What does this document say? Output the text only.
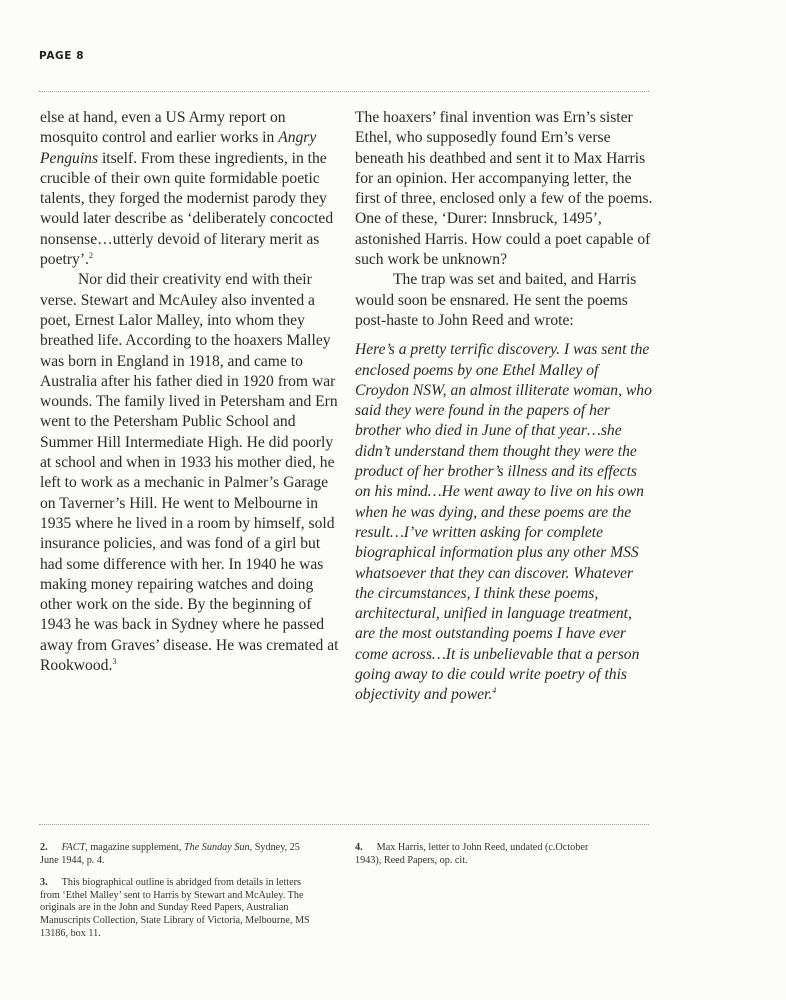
PAGE 8

else at hand, even a US Army report on mosquito control and earlier works in Angry Penguins itself. From these ingredients, in the crucible of their own quite formidable poetic talents, they forged the modernist parody they would later describe as ‘deliberately concocted nonsense…utterly devoid of literary merit as poetry’.$^2$

Nor did their creativity end with their verse. Stewart and McAuley also invented a poet, Ernest Lalor Malley, into whom they breathed life. According to the hoaxers Malley was born in England in 1918, and came to Australia after his father died in 1920 from war wounds. The family lived in Petersham and Ern went to the Petersham Public School and Summer Hill Intermediate High. He did poorly at school and when in 1933 his mother died, he left to work as a mechanic in Palmer’s Garage on Taverner’s Hill. He went to Melbourne in 1935 where he lived in a room by himself, sold insurance policies, and was fond of a girl but had some difference with her. In 1940 he was making money repairing watches and doing other work on the side. By the beginning of 1943 he was back in Sydney where he passed away from Graves’ disease. He was cremated at Rookwood.$^3$

The hoaxers’ final invention was Ern’s sister Ethel, who supposedly found Ern’s verse beneath his deathbed and sent it to Max Harris for an opinion. Her accompanying letter, the first of three, enclosed only a few of the poems. One of these, ‘Durer: Innsbruck, 1495’, astonished Harris. How could a poet capable of such work be unknown?

The trap was set and baited, and Harris would soon be ensnared. He sent the poems post-haste to John Reed and wrote:

Here’s a pretty terrific discovery. I was sent the enclosed poems by one Ethel Malley of Croydon NSW, an almost illiterate woman, who said they were found in the papers of her brother who died in June of that year…she didn’t understand them thought they were the product of her brother’s illness and its effects on his mind…He went away to live on his own when he was dying, and these poems are the result…I’ve written asking for complete biographical information plus any other MSS whatsoever that they can discover. Whatever the circumstances, I think these poems, architectural, unified in language treatment, are the most outstanding poems I have ever come across…It is unbelievable that a person going away to die could write poetry of this objectivity and power.$^4$

2. FACT, magazine supplement, The Sunday Sun, Sydney, 25 June 1944, p. 4.

3. This biographical outline is abridged from details in letters from ‘Ethel Malley’ sent to Harris by Stewart and McAuley. The originals are in the John and Sunday Reed Papers, Australian Manuscripts Collection, State Library of Victoria, Melbourne, MS 13186, box 11.

4. Max Harris, letter to John Reed, undated (c.October 1943), Reed Papers, op. cit.
